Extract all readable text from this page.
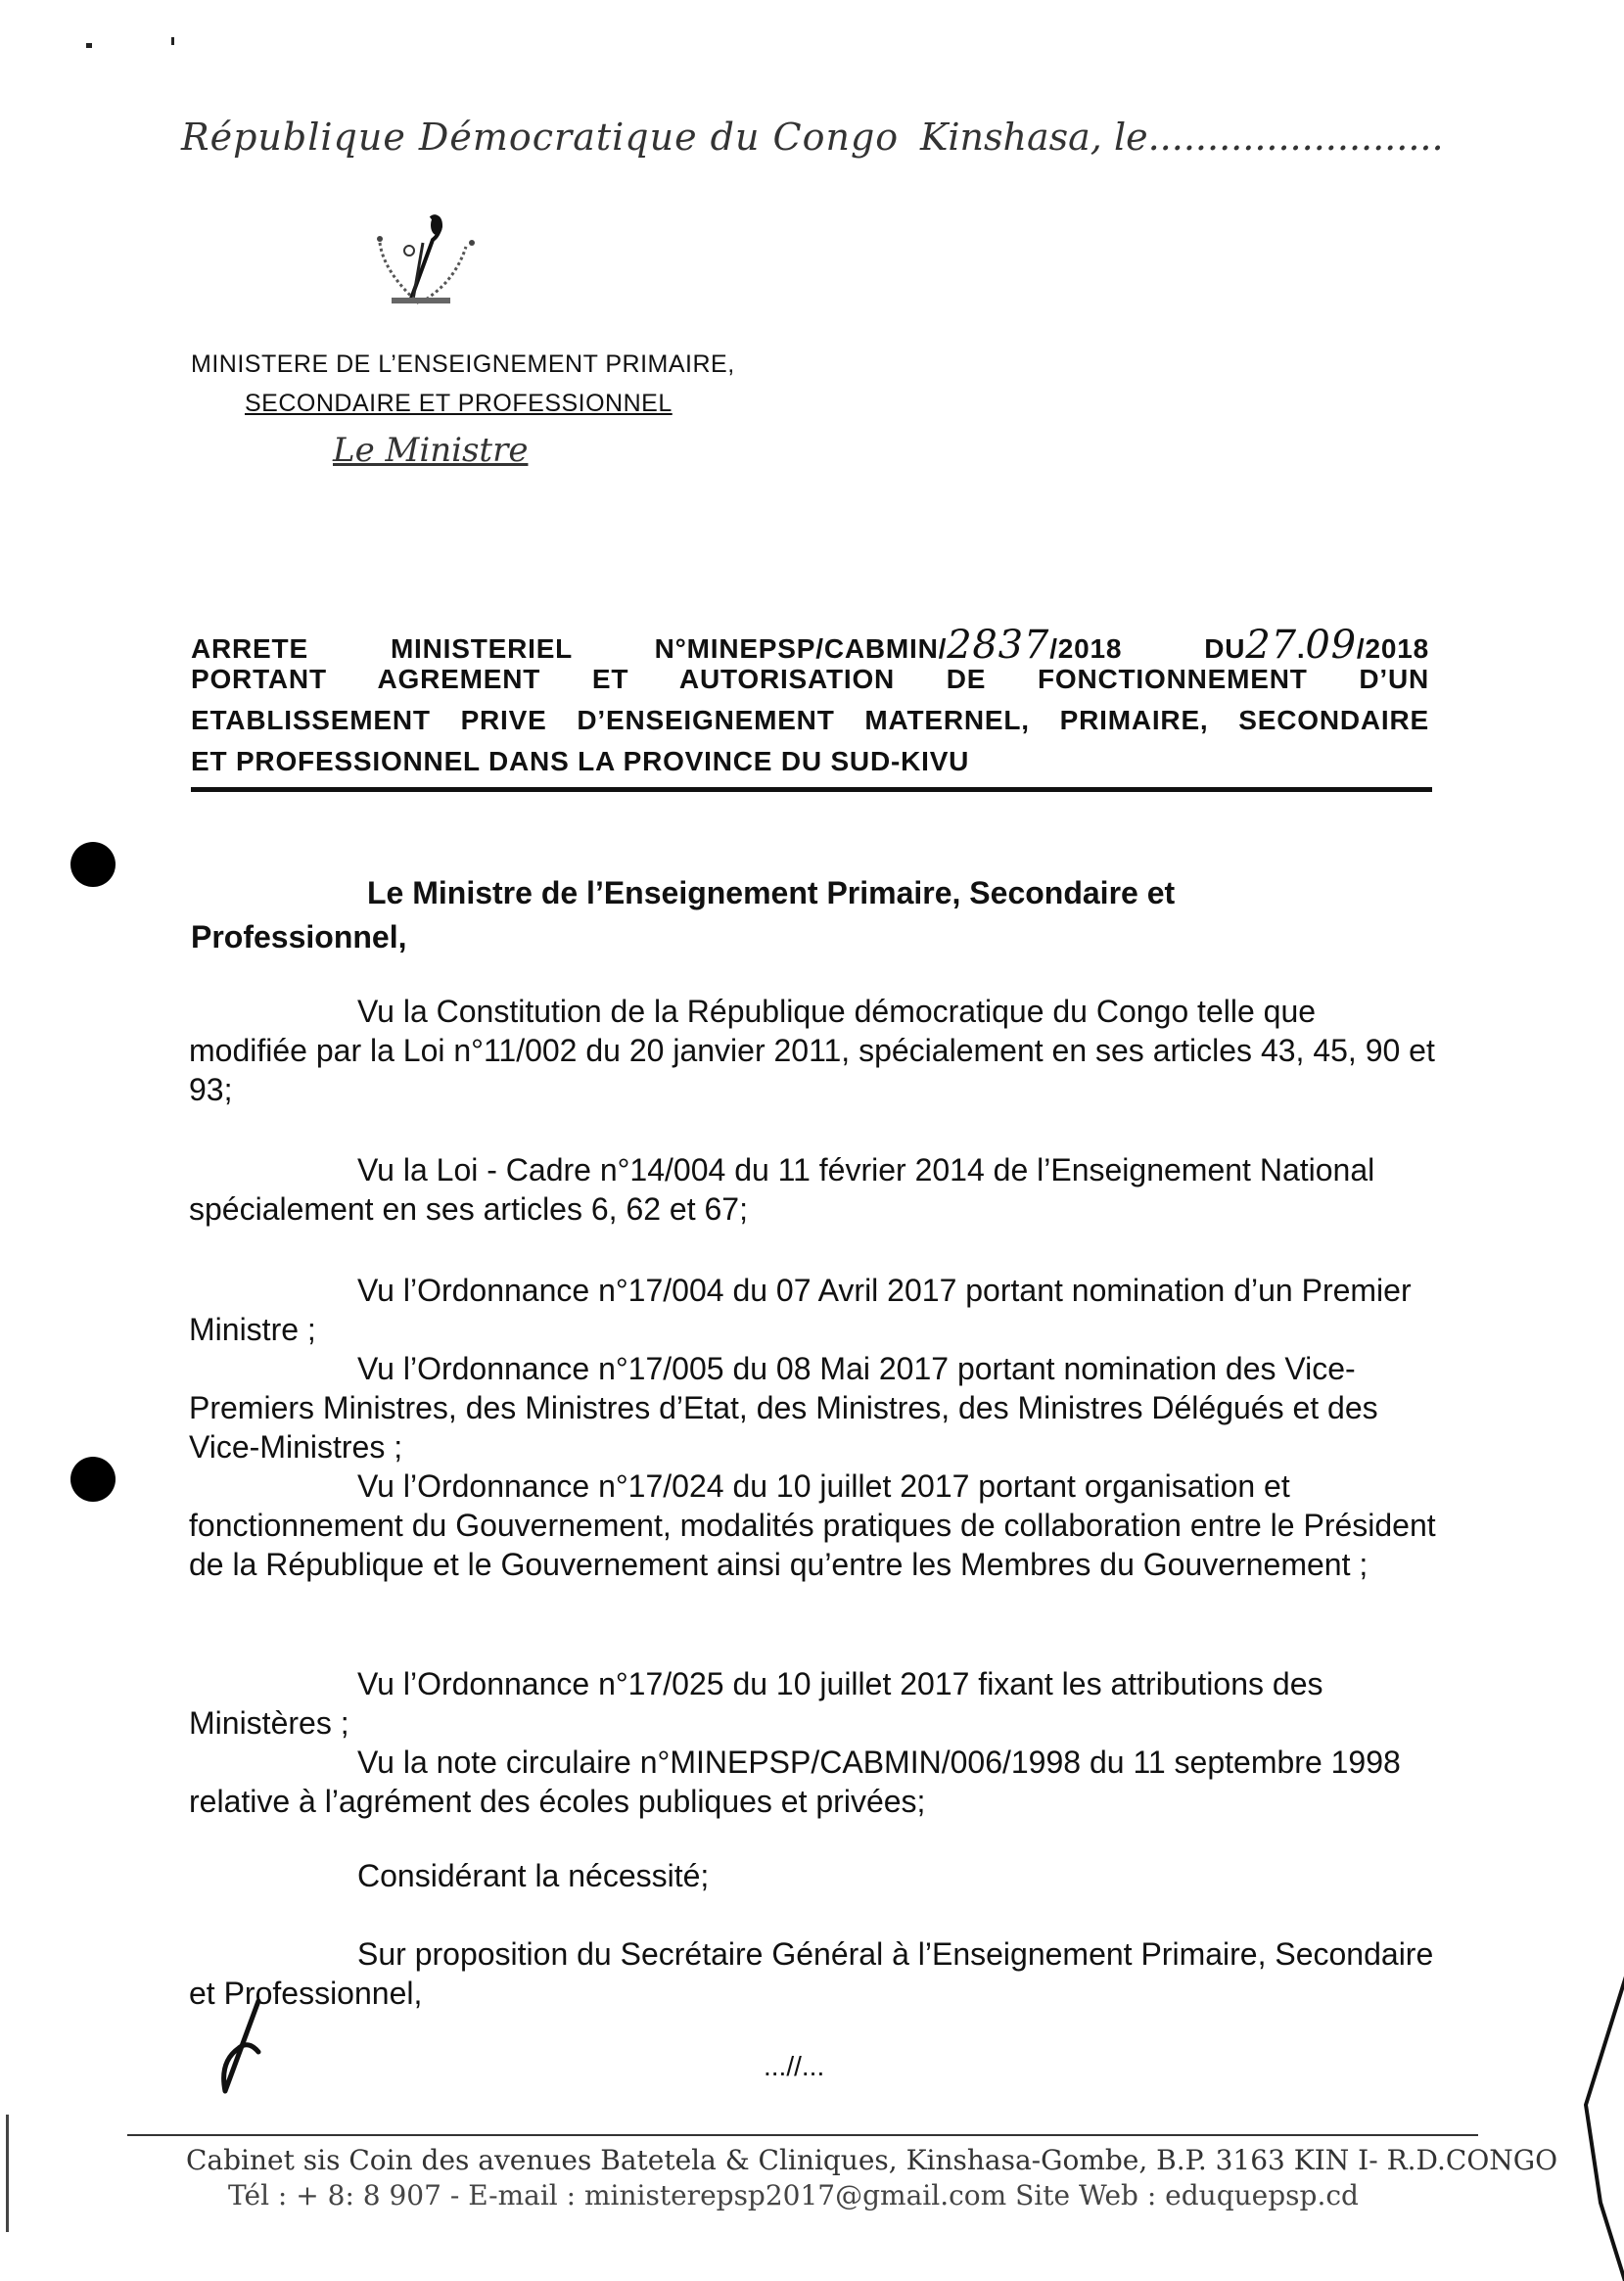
République Démocratique du Congo Kinshasa, le.........................
MINISTERE DE L’ENSEIGNEMENT PRIMAIRE,
SECONDAIRE ET PROFESSIONNEL
Le Ministre
ARRETE	MINISTERIEL	N°MINEPSP/CABMIN/2837/2018	DU27.09/2018
PORTANT AGREMENT ET AUTORISATION DE FONCTIONNEMENT D’UN
ETABLISSEMENT PRIVE D’ENSEIGNEMENT MATERNEL, PRIMAIRE, SECONDAIRE
ET PROFESSIONNEL DANS LA PROVINCE DU SUD-KIVU
Le Ministre de l’Enseignement Primaire, Secondaire et
Professionnel,
Vu la Constitution de la République démocratique du Congo telle que modifiée par la Loi n°11/002 du 20 janvier 2011, spécialement en ses articles 43, 45, 90 et 93;
Vu la Loi - Cadre n°14/004 du 11 février 2014 de l’Enseignement National spécialement en ses articles 6, 62 et 67;
Vu l’Ordonnance n°17/004 du 07 Avril 2017 portant nomination d’un Premier Ministre ;
Vu l’Ordonnance n°17/005 du 08 Mai 2017 portant nomination des Vice-Premiers Ministres, des Ministres d’Etat, des Ministres, des Ministres Délégués et des Vice-Ministres ;
Vu l’Ordonnance n°17/024 du 10 juillet 2017 portant organisation et fonctionnement du Gouvernement, modalités pratiques de collaboration entre le Président de la République et le Gouvernement ainsi qu’entre les Membres du Gouvernement ;
Vu l’Ordonnance n°17/025 du 10 juillet 2017 fixant les attributions des Ministères ;
Vu la note circulaire n°MINEPSP/CABMIN/006/1998 du 11 septembre 1998 relative à l’agrément des écoles publiques et privées;
Considérant la nécessité;
Sur proposition du Secrétaire Général à l’Enseignement Primaire, Secondaire et Professionnel,
...//...
Cabinet sis Coin des avenues Batetela & Cliniques, Kinshasa-Gombe, B.P. 3163 KIN I- R.D.CONGO
Tél : + 8: 8 907 - E-mail : ministerepsp2017@gmail.com Site Web : eduquepsp.cd
